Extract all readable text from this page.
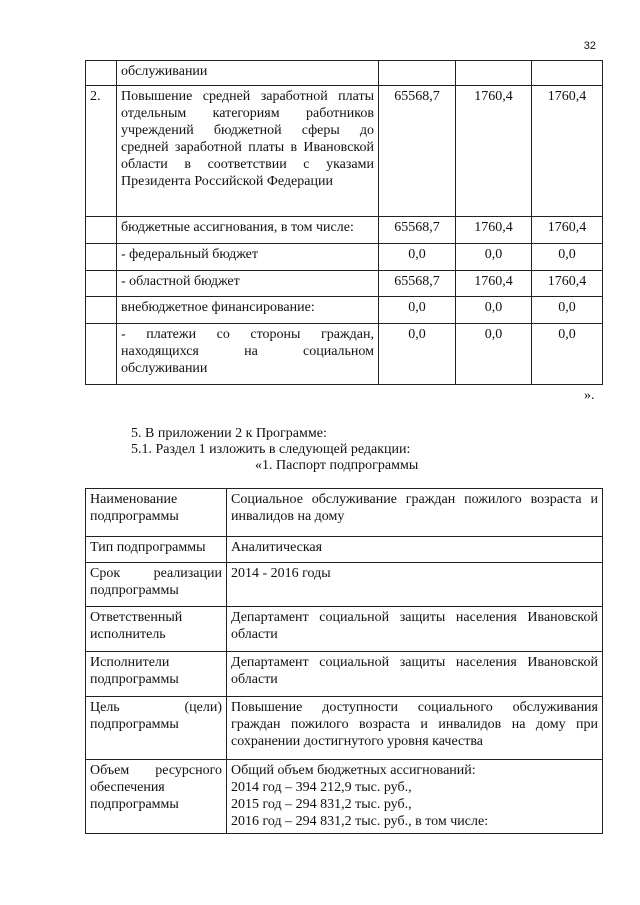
32
	обслуживании			
2.	Повышение средней заработной платы отдельным категориям работников учреждений бюджетной сферы до средней заработной платы в Ивановской области в соответствии с указами Президента Российской Федерации	65568,7	1760,4	1760,4
	бюджетные ассигнования, в том числе:	65568,7	1760,4	1760,4
	- федеральный бюджет	0,0	0,0	0,0
	- областной бюджет	65568,7	1760,4	1760,4
	внебюджетное финансирование:	0,0	0,0	0,0
	- платежи со стороны граждан, находящихся на социальном обслуживании	0,0	0,0	0,0
».
5. В приложении 2 к Программе:
5.1. Раздел 1 изложить в следующей редакции:
«1. Паспорт подпрограммы
Наименование подпрограммы	Социальное обслуживание граждан пожилого возраста и инвалидов на дому

Тип подпрограммы	Аналитическая

Срок реализации подпрограммы	2014 - 2016 годы

Ответственный исполнитель	Департамент социальной защиты населения Ивановской области

Исполнители подпрограммы	Департамент социальной защиты населения Ивановской области

Цель (цели) подпрограммы	Повышение доступности социального обслуживания граждан пожилого возраста и инвалидов на дому при сохранении достигнутого уровня качества

Объем ресурсного обеспечения подпрограммы	Общий объем бюджетных ассигнований:
2014 год – 394 212,9 тыс. руб.,
2015 год – 294 831,2 тыс. руб.,
2016 год – 294 831,2 тыс. руб., в том числе:
